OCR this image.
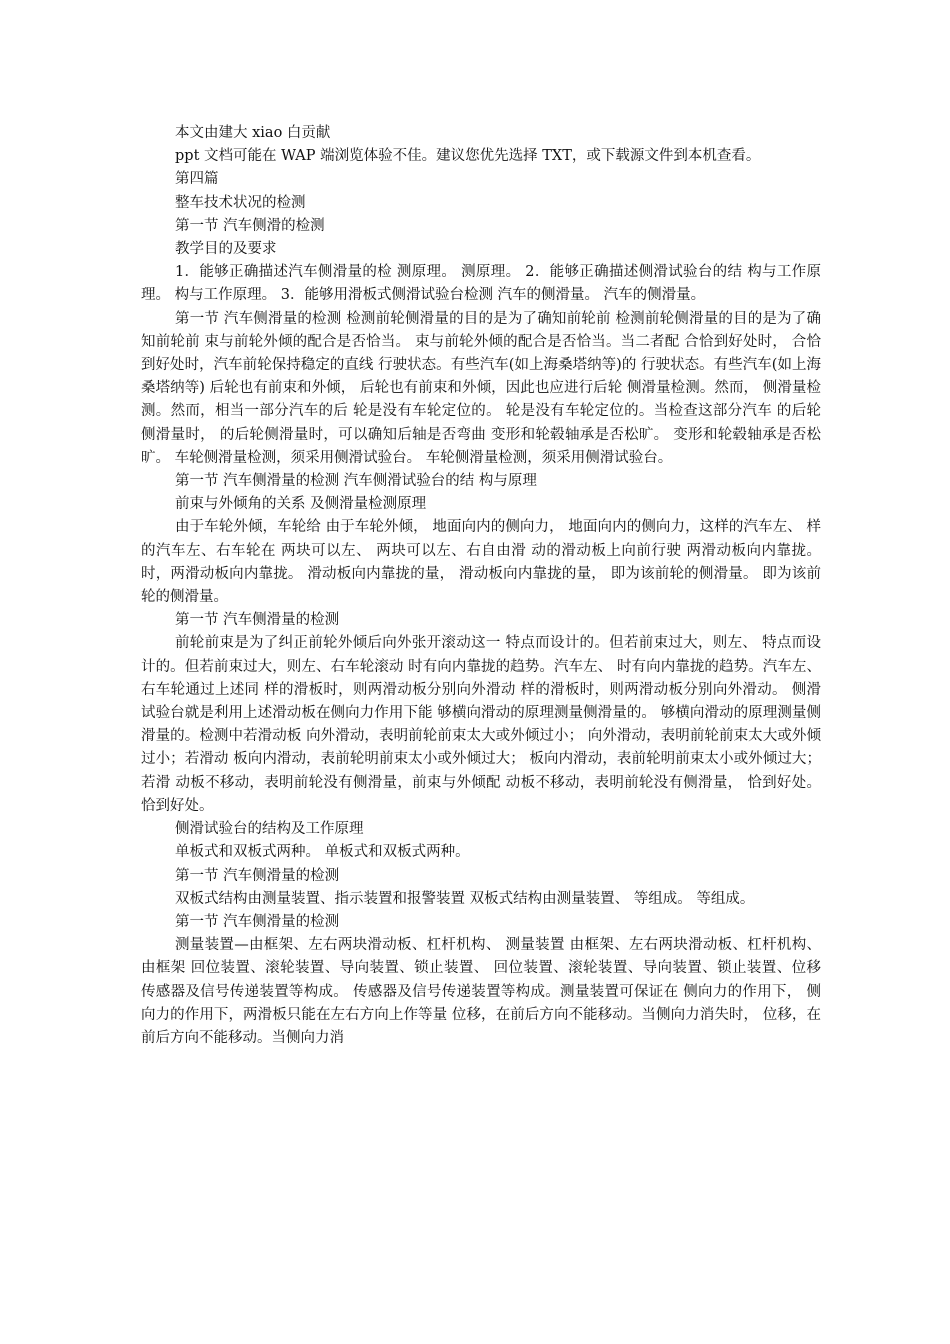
本文由建大 xiao 白贡献

ppt 文档可能在 WAP 端浏览体验不佳。建议您优先选择 TXT，或下载源文件到本机查看。

第四篇

整车技术状况的检测

第一节 汽车侧滑的检测

教学目的及要求

1．能够正确描述汽车侧滑量的检 测原理。 测原理。 2．能够正确描述侧滑试验台的结 构与工作原理。 构与工作原理。 3．能够用滑板式侧滑试验台检测 汽车的侧滑量。 汽车的侧滑量。

第一节 汽车侧滑量的检测 检测前轮侧滑量的目的是为了确知前轮前 检测前轮侧滑量的目的是为了确知前轮前 束与前轮外倾的配合是否恰当。 束与前轮外倾的配合是否恰当。当二者配 合恰到好处时， 合恰到好处时，汽车前轮保持稳定的直线 行驶状态。有些汽车(如上海桑塔纳等)的 行驶状态。有些汽车(如上海桑塔纳等) 后轮也有前束和外倾， 后轮也有前束和外倾，因此也应进行后轮 侧滑量检测。然而， 侧滑量检测。然而，相当一部分汽车的后 轮是没有车轮定位的。 轮是没有车轮定位的。当检查这部分汽车 的后轮侧滑量时， 的后轮侧滑量时，可以确知后轴是否弯曲 变形和轮毂轴承是否松旷。 变形和轮毂轴承是否松旷。 车轮侧滑量检测，须采用侧滑试验台。 车轮侧滑量检测，须采用侧滑试验台。

第一节 汽车侧滑量的检测 汽车侧滑试验台的结 构与原理

前束与外倾角的关系 及侧滑量检测原理

由于车轮外倾，车轮给 由于车轮外倾， 地面向内的侧向力， 地面向内的侧向力，这样的汽车左、 样的汽车左、右车轮在 两块可以左、 两块可以左、右自由滑 动的滑动板上向前行驶 两滑动板向内靠拢。 时，两滑动板向内靠拢。 滑动板向内靠拢的量， 滑动板向内靠拢的量， 即为该前轮的侧滑量。 即为该前轮的侧滑量。

第一节 汽车侧滑量的检测

前轮前束是为了纠正前轮外倾后向外张开滚动这一 特点而设计的。但若前束过大，则左、 特点而设计的。但若前束过大，则左、右车轮滚动 时有向内靠拢的趋势。汽车左、 时有向内靠拢的趋势。汽车左、右车轮通过上述同 样的滑板时，则两滑动板分别向外滑动 样的滑板时，则两滑动板分别向外滑动。 侧滑试验台就是利用上述滑动板在侧向力作用下能 够横向滑动的原理测量侧滑量的。 够横向滑动的原理测量侧滑量的。检测中若滑动板 向外滑动，表明前轮前束太大或外倾过小； 向外滑动，表明前轮前束太大或外倾过小；若滑动 板向内滑动，表前轮明前束太小或外倾过大； 板向内滑动，表前轮明前束太小或外倾过大；若滑 动板不移动，表明前轮没有侧滑量，前束与外倾配 动板不移动，表明前轮没有侧滑量， 恰到好处。 恰到好处。

侧滑试验台的结构及工作原理

单板式和双板式两种。 单板式和双板式两种。

第一节 汽车侧滑量的检测

双板式结构由测量装置、指示装置和报警装置 双板式结构由测量装置、 等组成。 等组成。

第一节 汽车侧滑量的检测

测量装置—由框架、左右两块滑动板、杠杆机构、 测量装置 由框架、左右两块滑动板、杠杆机构、 由框架 回位装置、滚轮装置、导向装置、锁止装置、 回位装置、滚轮装置、导向装置、锁止装置、位移 传感器及信号传递装置等构成。 传感器及信号传递装置等构成。测量装置可保证在 侧向力的作用下， 侧向力的作用下，两滑板只能在左右方向上作等量 位移，在前后方向不能移动。当侧向力消失时， 位移，在前后方向不能移动。当侧向力消
